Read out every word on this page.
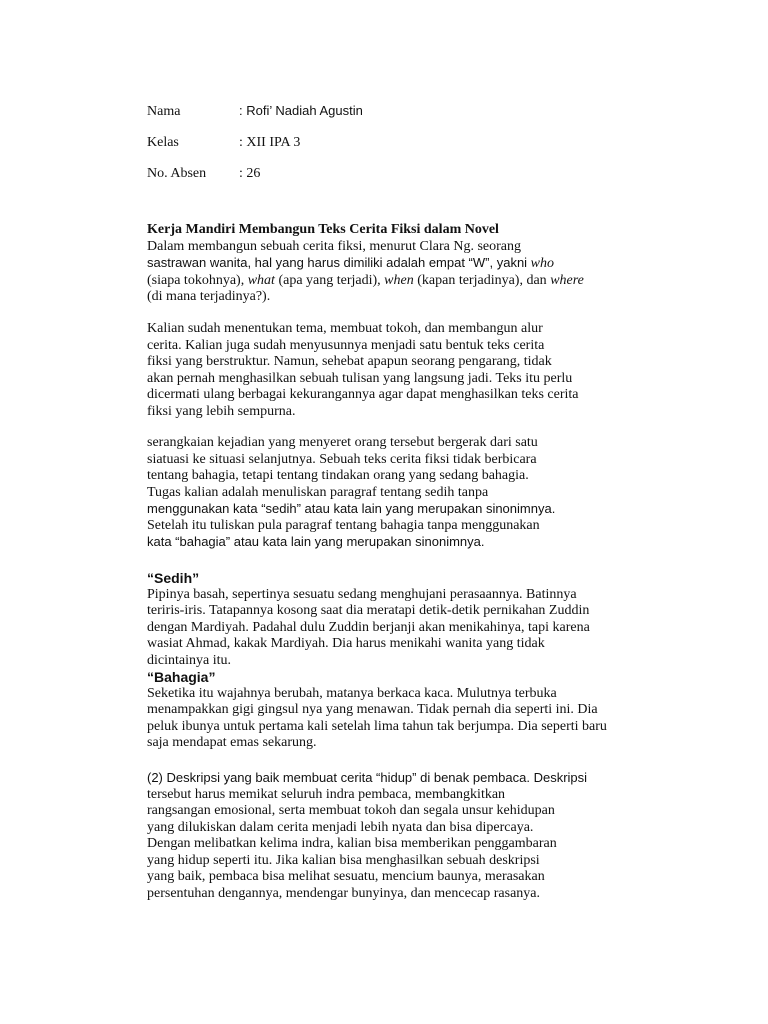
Nama	: Rofi’ Nadiah Agustin
Kelas	: XII IPA 3
No. Absen : 26
Kerja Mandiri Membangun Teks Cerita Fiksi dalam Novel
Dalam membangun sebuah cerita fiksi, menurut Clara Ng. seorang
sastrawan wanita, hal yang harus dimiliki adalah empat “W”, yakni who
(siapa tokohnya), what (apa yang terjadi), when (kapan terjadinya), dan where
(di mana terjadinya?).
Kalian sudah menentukan tema, membuat tokoh, dan membangun alur
cerita. Kalian juga sudah menyusunnya menjadi satu bentuk teks cerita
fiksi yang berstruktur. Namun, sehebat apapun seorang pengarang, tidak
akan pernah menghasilkan sebuah tulisan yang langsung jadi. Teks itu perlu
dicermati ulang berbagai kekurangannya agar dapat menghasilkan teks cerita
fiksi yang lebih sempurna.
serangkaian kejadian yang menyeret orang tersebut bergerak dari satu
siatuasi ke situasi selanjutnya. Sebuah teks cerita fiksi tidak berbicara
tentang bahagia, tetapi tentang tindakan orang yang sedang bahagia.
Tugas kalian adalah menuliskan paragraf tentang sedih tanpa
menggunakan kata “sedih” atau kata lain yang merupakan sinonimnya.
Setelah itu tuliskan pula paragraf tentang bahagia tanpa menggunakan
kata “bahagia” atau kata lain yang merupakan sinonimnya.
“Sedih”
Pipinya basah, sepertinya sesuatu sedang menghujani perasaannya. Batinnya
teriris-iris. Tatapannya kosong saat dia meratapi detik-detik pernikahan Zuddin
dengan Mardiyah. Padahal dulu Zuddin berjanji akan menikahinya, tapi karena
wasiat Ahmad, kakak Mardiyah. Dia harus menikahi wanita yang tidak
dicintainya itu.
“Bahagia”
Seketika itu wajahnya berubah, matanya berkaca kaca. Mulutnya terbuka
menampakkan gigi gingsul nya yang menawan. Tidak pernah dia seperti ini. Dia
peluk ibunya untuk pertama kali setelah lima tahun tak berjumpa. Dia seperti baru
saja mendapat emas sekarung.
(2) Deskripsi yang baik membuat cerita “hidup” di benak pembaca. Deskripsi
tersebut harus memikat seluruh indra pembaca, membangkitkan
rangsangan emosional, serta membuat tokoh dan segala unsur kehidupan
yang dilukiskan dalam cerita menjadi lebih nyata dan bisa dipercaya.
Dengan melibatkan kelima indra, kalian bisa memberikan penggambaran
yang hidup seperti itu. Jika kalian bisa menghasilkan sebuah deskripsi
yang baik, pembaca bisa melihat sesuatu, mencium baunya, merasakan
persentuhan dengannya, mendengar bunyinya, dan mencecap rasanya.
